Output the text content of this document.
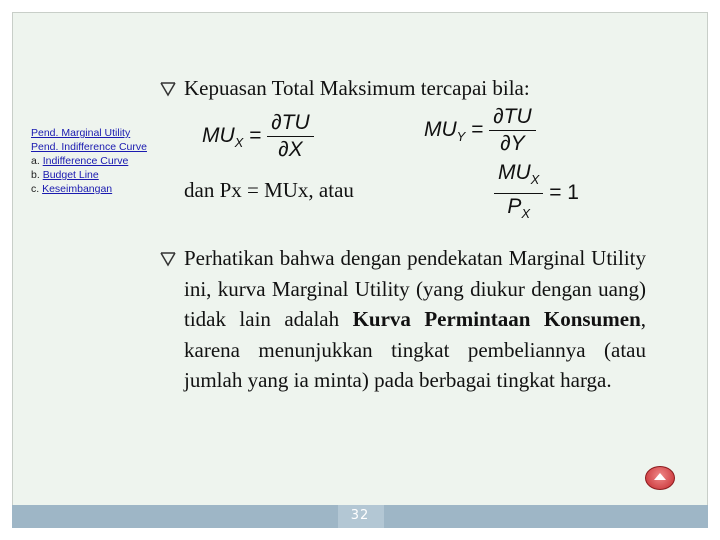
32
Pend. Marginal Utility
Pend. Indifference Curve
a. Indifference Curve
b. Budget Line
c. Keseimbangan
Kepuasan Total Maksimum tercapai bila:
$MU_X = \frac{\partial TU}{\partial X}$	$MU_Y = \frac{\partial TU}{\partial Y}$
dan Px = MUx, atau	$\frac{MU_X}{P_X} = 1$
Perhatikan bahwa dengan pendekatan Marginal Utility ini, kurva Marginal Utility (yang diukur dengan uang) tidak lain adalah Kurva Permintaan Konsumen, karena menunjukkan tingkat pembeliannya (atau jumlah yang ia minta) pada berbagai tingkat harga.
